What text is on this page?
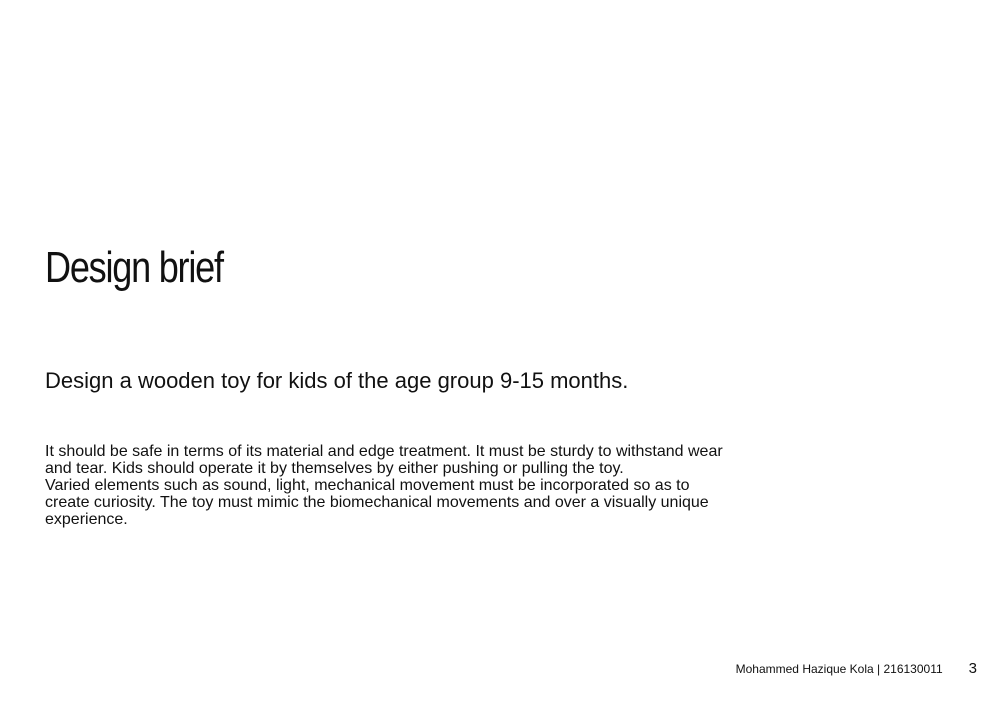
Design brief

Design a wooden toy for kids of the age group 9-15 months.

It should be safe in terms of its material and edge treatment. It must be sturdy to withstand wear and tear. Kids should operate it by themselves by either pushing or pulling the toy.

Varied elements such as sound, light, mechanical movement must be incorporated so as to create curiosity. The toy must mimic the biomechanical movements and over a visually unique experience.

Mohammed Hazique Kola | 216130011 3
